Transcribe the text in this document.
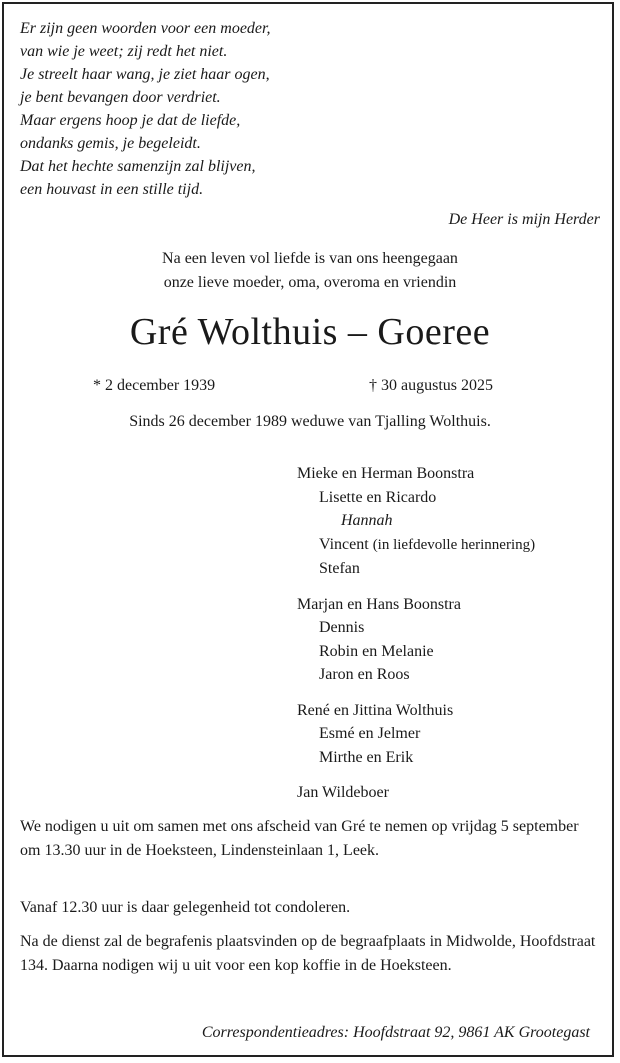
Er zijn geen woorden voor een moeder,
van wie je weet; zij redt het niet.
Je streelt haar wang, je ziet haar ogen,
je bent bevangen door verdriet.
Maar ergens hoop je dat de liefde,
ondanks gemis, je begeleidt.
Dat het hechte samenzijn zal blijven,
een houvast in een stille tijd.
De Heer is mijn Herder
Na een leven vol liefde is van ons heengegaan
onze lieve moeder, oma, overoma en vriendin
Gré Wolthuis – Goeree
* 2 december 1939	† 30 augustus 2025
Sinds 26 december 1989 weduwe van Tjalling Wolthuis.
Mieke en Herman Boonstra
Lisette en Ricardo
Hannah
Vincent (in liefdevolle herinnering)
Stefan
Marjan en Hans Boonstra
Dennis
Robin en Melanie
Jaron en Roos
René en Jittina Wolthuis
Esmé en Jelmer
Mirthe en Erik
Jan Wildeboer
We nodigen u uit om samen met ons afscheid van Gré te nemen op vrijdag 5 september om 13.30 uur in de Hoeksteen, Lindensteinlaan 1, Leek.
Vanaf 12.30 uur is daar gelegenheid tot condoleren.
Na de dienst zal de begrafenis plaatsvinden op de begraafplaats in Midwolde, Hoofdstraat 134. Daarna nodigen wij u uit voor een kop koffie in de Hoeksteen.
Correspondentieadres: Hoofdstraat 92, 9861 AK Grootegast
